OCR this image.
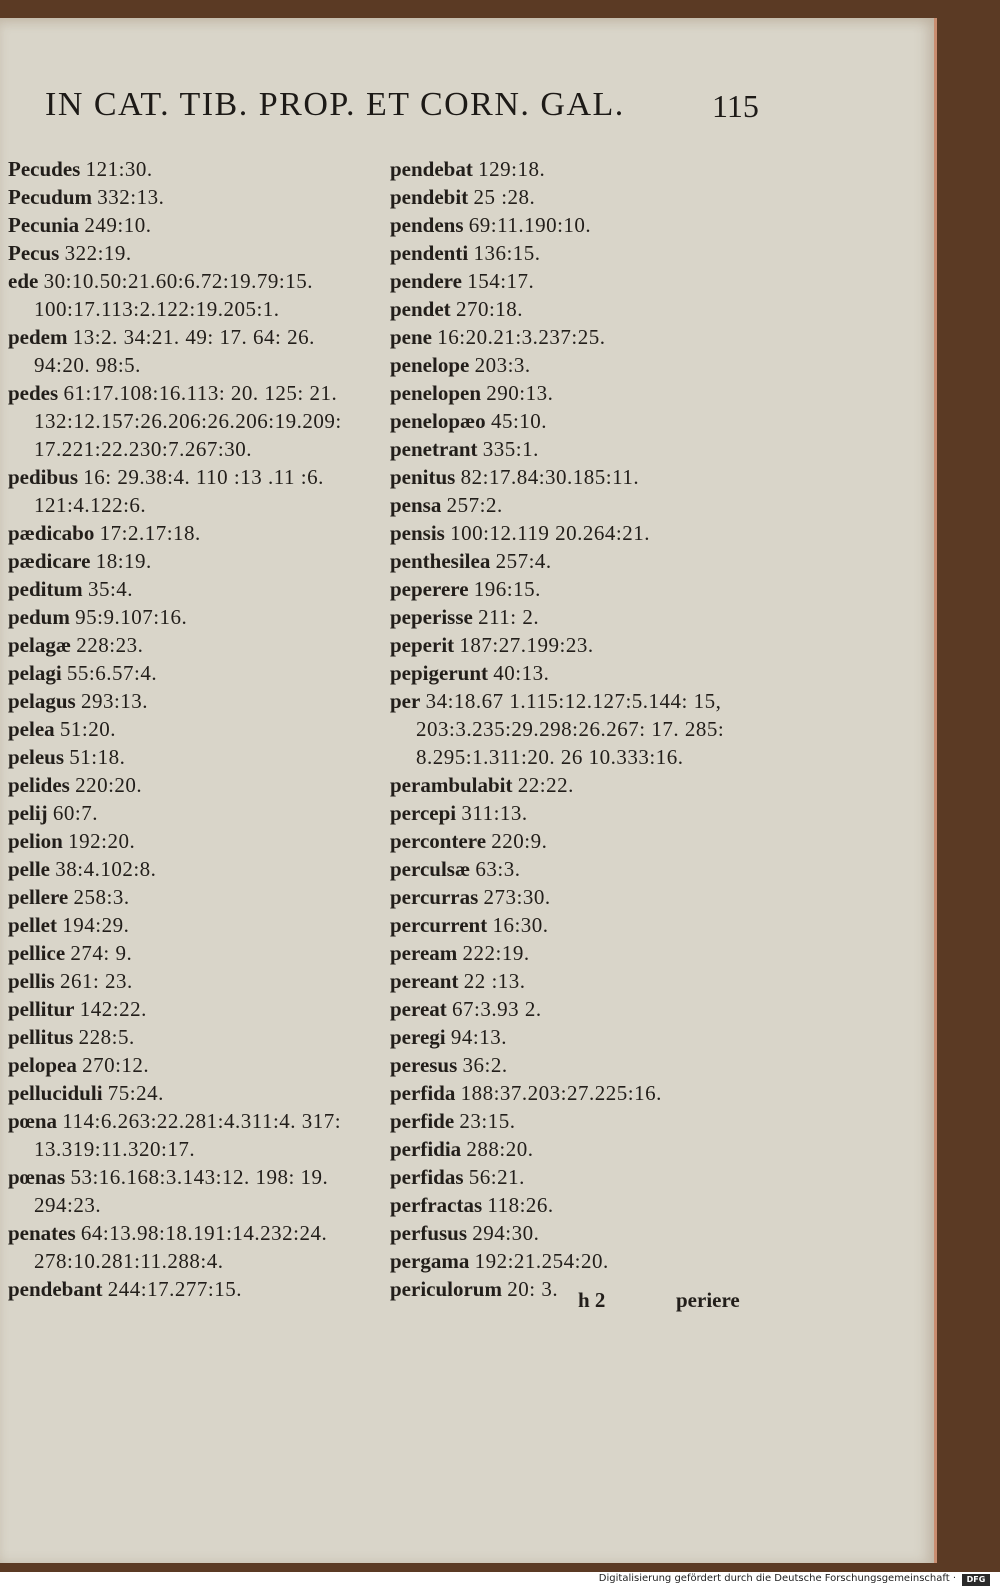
IN CAT. TIB. PROP. ET CORN. GAL.	115
Pecudes 121:30.
Pecudum 332:13.
Pecunia 249:10.
Pecus 322:19.
ede 30:10.50:21.60:6.72:19.79:15.
100:17.113:2.122:19.205:1.
pedem 13:2. 34:21. 49: 17. 64: 26.
94:20. 98:5.
pedes 61:17.108:16.113: 20. 125: 21.
132:12.157:26.206:26.206:19.209:
17.221:22.230:7.267:30.
pedibus 16: 29.38:4. 110 :13 .11 :6.
121:4.122:6.
pædicabo 17:2.17:18.
pædicare 18:19.
peditum 35:4.
pedum 95:9.107:16.
pelagæ 228:23.
pelagi 55:6.57:4.
pelagus 293:13.
pelea 51:20.
peleus 51:18.
pelides 220:20.
pelij 60:7.
pelion 192:20.
pelle 38:4.102:8.
pellere 258:3.
pellet 194:29.
pellice 274: 9.
pellis 261: 23.
pellitur 142:22.
pellitus 228:5.
pelopea 270:12.
pelluciduli 75:24.
pœna 114:6.263:22.281:4.311:4. 317:
13.319:11.320:17.
pœnas 53:16.168:3.143:12. 198: 19.
294:23.
penates 64:13.98:18.191:14.232:24.
278:10.281:11.288:4.
pendebant 244:17.277:15.
pendebat 129:18.
pendebit 25 :28.
pendens 69:11.190:10.
pendenti 136:15.
pendere 154:17.
pendet 270:18.
pene 16:20.21:3.237:25.
penelope 203:3.
penelopen 290:13.
penelopæo 45:10.
penetrant 335:1.
penitus 82:17.84:30.185:11.
pensa 257:2.
pensis 100:12.119 20.264:21.
penthesilea 257:4.
peperere 196:15.
peperisse 211: 2.
peperit 187:27.199:23.
pepigerunt 40:13.
per 34:18.67 1.115:12.127:5.144: 15,
203:3.235:29.298:26.267: 17. 285:
8.295:1.311:20. 26 10.333:16.
perambulabit 22:22.
percepi 311:13.
percontere 220:9.
perculsæ 63:3.
percurras 273:30.
percurrent 16:30.
peream 222:19.
pereant 22 :13.
pereat 67:3.93 2.
peregi 94:13.
peresus 36:2.
perfida 188:37.203:27.225:16.
perfide 23:15.
perfidia 288:20.
perfidas 56:21.
perfractas 118:26.
perfusus 294:30.
pergama 192:21.254:20.
periculorum 20: 3. h 2	periere
Digitalisierung gefördert durch die Deutsche Forschungsgemeinschaft ·	DFG
